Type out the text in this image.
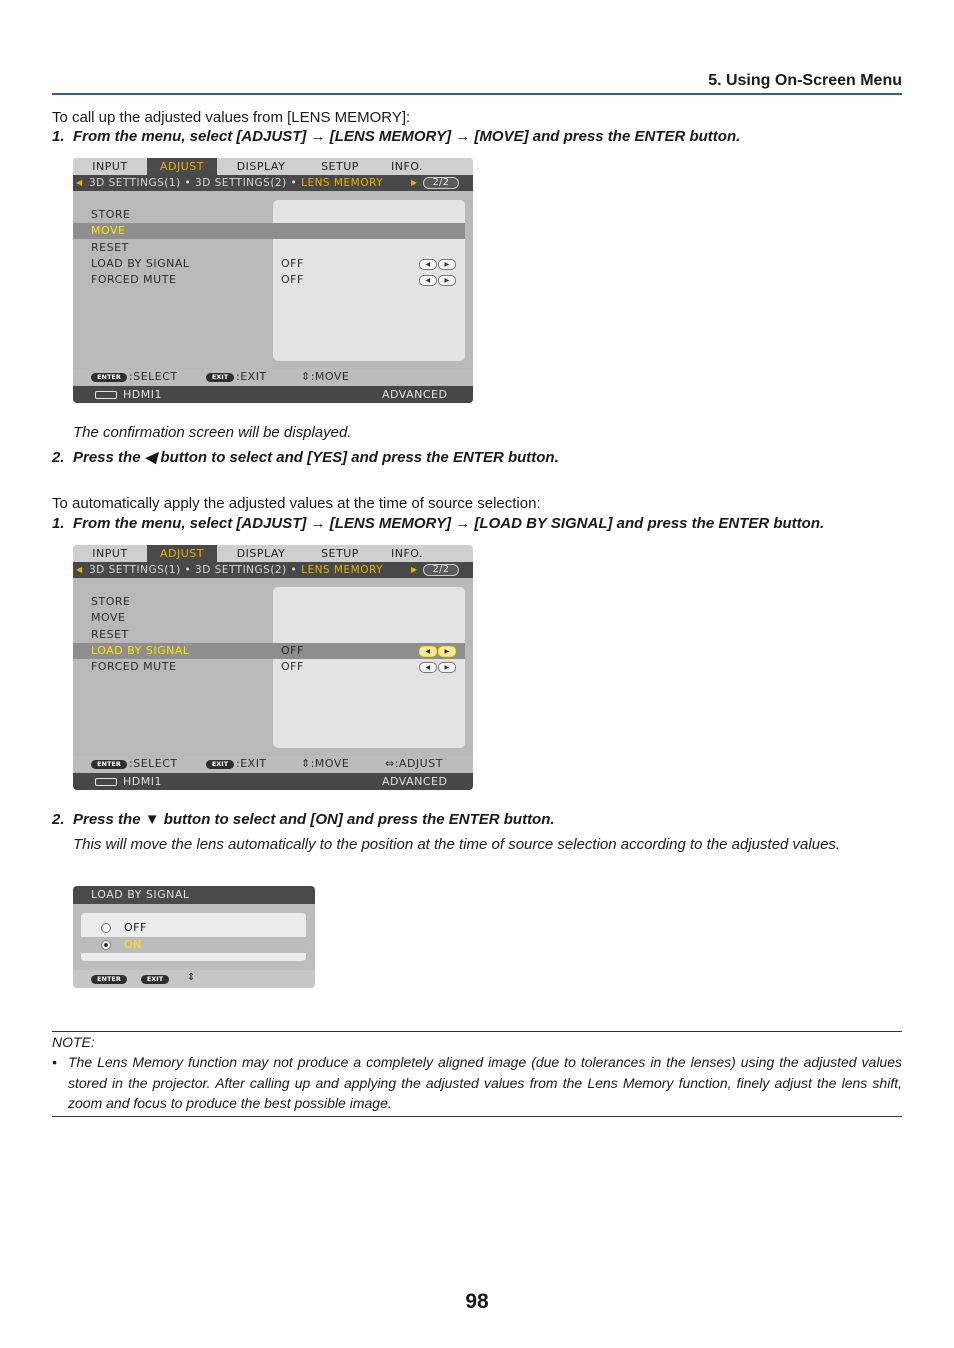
5. Using On-Screen Menu
To call up the adjusted values from [LENS MEMORY]:
1. From the menu, select [ADJUST] → [LENS MEMORY] → [MOVE] and press the ENTER button.
INPUT	ADJUST	DISPLAY	SETUP	INFO.
◀ 3D SETTINGS(1) • 3D SETTINGS(2) • LENS MEMORY	▶	2/2
STORE
MOVE
RESET
LOAD BY SIGNAL	OFF	◀	▶
FORCED MUTE	OFF	◀	▶
ENTER :SELECT	EXIT :EXIT	⇕:MOVE
HDMI1	ADVANCED
The confirmation screen will be displayed.
2. Press the ◀ button to select and [YES] and press the ENTER button.
To automatically apply the adjusted values at the time of source selection:
1. From the menu, select [ADJUST] → [LENS MEMORY] → [LOAD BY SIGNAL] and press the ENTER button.
INPUT	ADJUST	DISPLAY	SETUP	INFO.
◀ 3D SETTINGS(1) • 3D SETTINGS(2) • LENS MEMORY	▶	2/2
STORE
MOVE
RESET
LOAD BY SIGNAL	OFF	◀	▶
FORCED MUTE	OFF	◀	▶
ENTER :SELECT	EXIT :EXIT	⇕:MOVE	⇔:ADJUST
HDMI1	ADVANCED
2. Press the ▼ button to select and [ON] and press the ENTER button.
This will move the lens automatically to the position at the time of source selection according to the adjusted values.
LOAD BY SIGNAL
OFF
ON
ENTER	EXIT	⇕
NOTE:
• The Lens Memory function may not produce a completely aligned image (due to tolerances in the lenses) using the adjusted values stored in the projector. After calling up and applying the adjusted values from the Lens Memory function, finely adjust the lens shift, zoom and focus to produce the best possible image.
98
